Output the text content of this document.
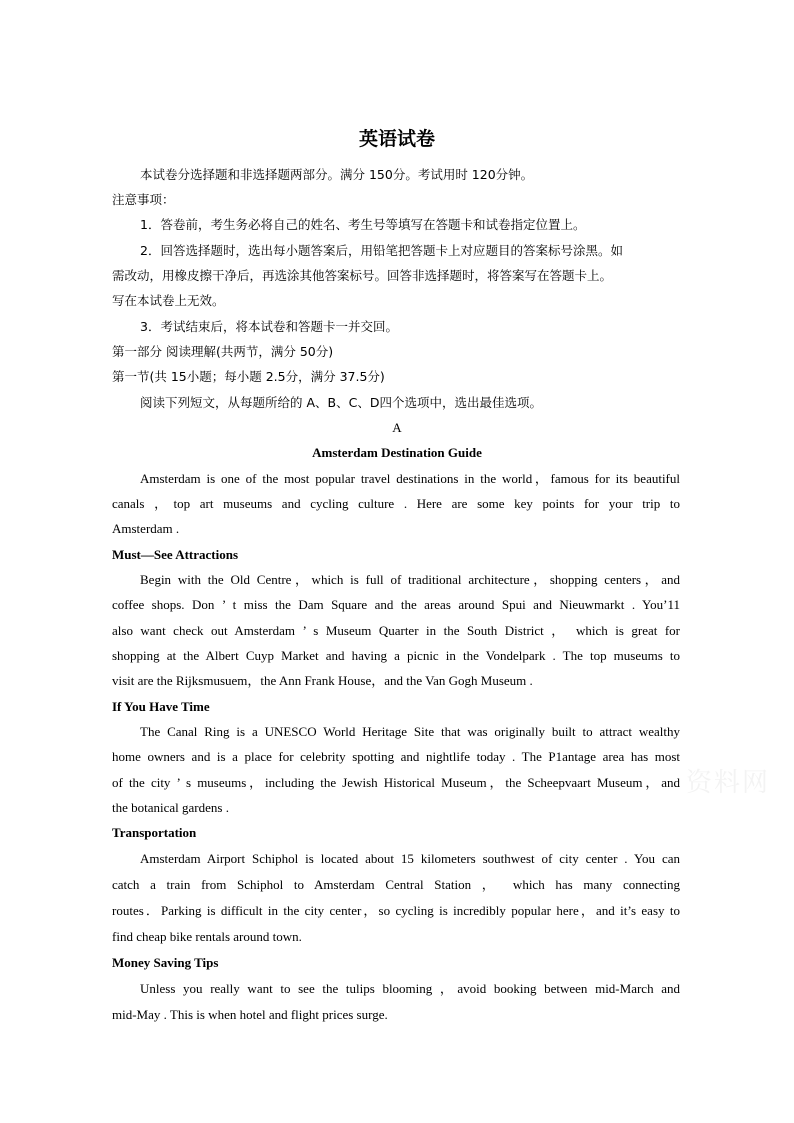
英语试卷
本试卷分选择题和非选择题两部分。满分 150分。考试用时 120分钟。
注意事项：
1．答卷前，考生务必将自己的姓名、考生号等填写在答题卡和试卷指定位置上。
2．回答选择题时，选出每小题答案后，用铅笔把答题卡上对应题目的答案标号涂黑。如
需改动，用橡皮擦干净后，再选涂其他答案标号。回答非选择题时，将答案写在答题卡上。
写在本试卷上无效。
3．考试结束后，将本试卷和答题卡一并交回。
第一部分 阅读理解(共两节，满分 50分)
第一节(共 15小题；每小题 2.5分，满分 37.5分)
阅读下列短文，从每题所给的 A、B、C、D四个选项中，选出最佳选项。
A
Amsterdam Destination Guide
Amsterdam is one of the most popular travel destinations in the world，famous for its beautiful
canals ，top art museums and cycling culture . Here are some key points for your trip to
Amsterdam .
Must—See Attractions
Begin with the Old Centre，which is full of traditional architecture，shopping centers，and
coffee shops. Don ’ t miss the Dam Square and the areas around Spui and Nieuwmarkt . You’11
also want check out Amsterdam ’ s Museum Quarter in the South District ， which is great for
shopping at the Albert Cuyp Market and having a picnic in the Vondelpark . The top museums to
visit are the Rijksmusuem，the Ann Frank House，and the Van Gogh Museum .
If You Have Time
The Canal Ring is a UNESCO World Heritage Site that was originally built to attract wealthy
home owners and is a place for celebrity spotting and nightlife today . The P1antage area has most
of the city ’ s museums，including the Jewish Historical Museum，the Scheepvaart Museum，and
the botanical gardens .
Transportation
Amsterdam Airport Schiphol is located about 15 kilometers southwest of city center . You can
catch a train from Schiphol to Amsterdam Central Station ， which has many connecting
routes．Parking is difficult in the city center，so cycling is incredibly popular here，and it’s easy to
find cheap bike rentals around town.
Money Saving Tips
Unless you really want to see the tulips blooming ，avoid booking between mid-March and
mid-May . This is when hotel and flight prices surge.
资料网
